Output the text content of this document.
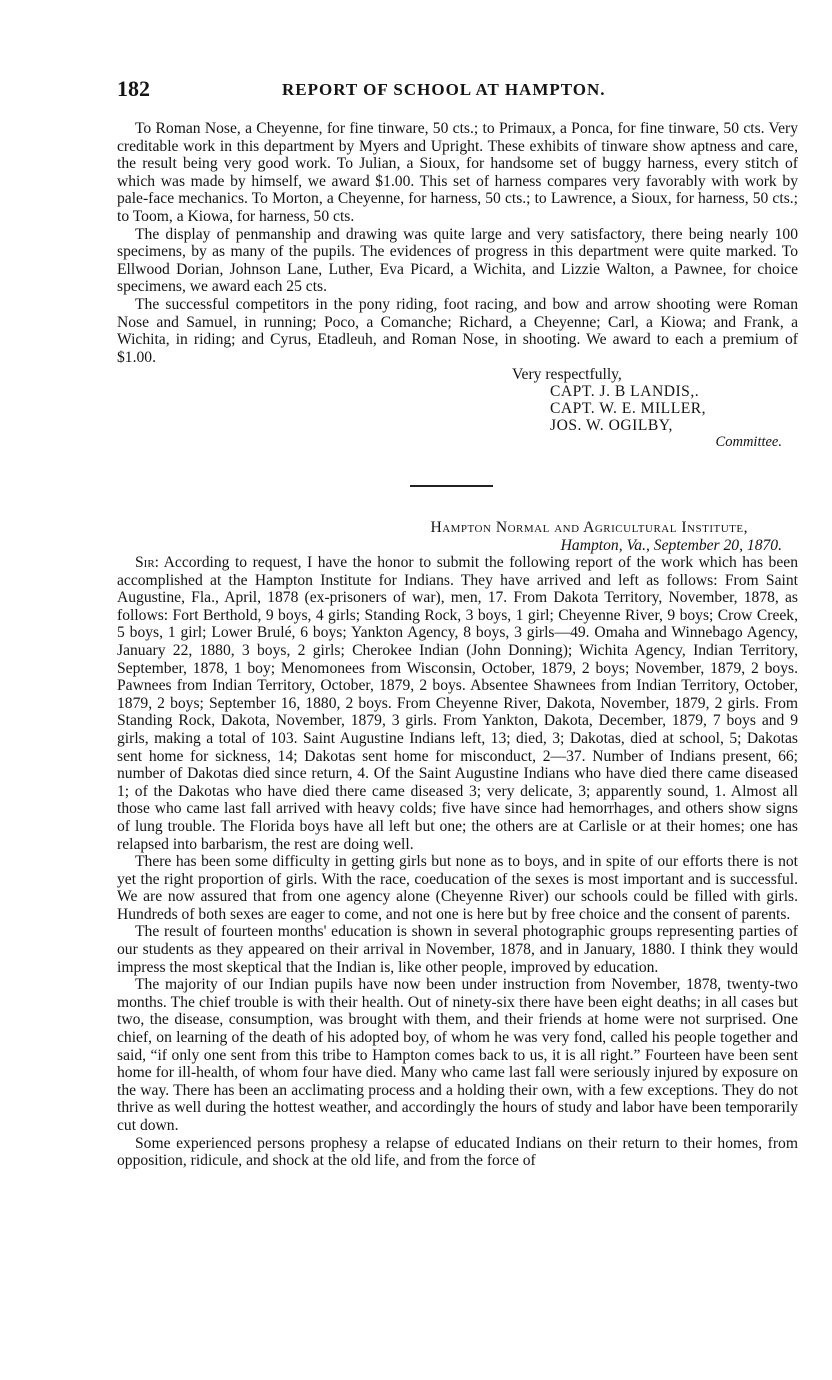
182	REPORT OF SCHOOL AT HAMPTON.

To Roman Nose, a Cheyenne, for fine tinware, 50 cts.; to Primaux, a Ponca, for fine tinware, 50 cts. Very creditable work in this department by Myers and Upright. These exhibits of tinware show aptness and care, the result being very good work. To Julian, a Sioux, for handsome set of buggy harness, every stitch of which was made by himself, we award $1.00. This set of harness compares very favorably with work by pale-face mechanics. To Morton, a Cheyenne, for harness, 50 cts.; to Lawrence, a Sioux, for harness, 50 cts.; to Toom, a Kiowa, for harness, 50 cts.

The display of penmanship and drawing was quite large and very satisfactory, there being nearly 100 specimens, by as many of the pupils. The evidences of progress in this department were quite marked. To Ellwood Dorian, Johnson Lane, Luther, Eva Picard, a Wichita, and Lizzie Walton, a Pawnee, for choice specimens, we award each 25 cts.

The successful competitors in the pony riding, foot racing, and bow and arrow shooting were Roman Nose and Samuel, in running; Poco, a Comanche; Richard, a Cheyenne; Carl, a Kiowa; and Frank, a Wichita, in riding; and Cyrus, Etadleuh, and Roman Nose, in shooting. We award to each a premium of $1.00.

Very respectfully,
CAPT. J. B LANDIS,.
CAPT. W. E. MILLER,
JOS. W. OGILBY,
Committee.
Hampton Normal and Agricultural Institute,
Hampton, Va., September 20, 1870.

Sir: According to request, I have the honor to submit the following report of the work which has been accomplished at the Hampton Institute for Indians. They have arrived and left as follows: From Saint Augustine, Fla., April, 1878 (ex-prisoners of war), men, 17. From Dakota Territory, November, 1878, as follows: Fort Berthold, 9 boys, 4 girls; Standing Rock, 3 boys, 1 girl; Cheyenne River, 9 boys; Crow Creek, 5 boys, 1 girl; Lower Brulé, 6 boys; Yankton Agency, 8 boys, 3 girls—49. Omaha and Winnebago Agency, January 22, 1880, 3 boys, 2 girls; Cherokee Indian (John Donning); Wichita Agency, Indian Territory, September, 1878, 1 boy; Menomonees from Wisconsin, October, 1879, 2 boys; November, 1879, 2 boys. Pawnees from Indian Territory, October, 1879, 2 boys. Absentee Shawnees from Indian Territory, October, 1879, 2 boys; September 16, 1880, 2 boys. From Cheyenne River, Dakota, November, 1879, 2 girls. From Standing Rock, Dakota, November, 1879, 3 girls. From Yankton, Dakota, December, 1879, 7 boys and 9 girls, making a total of 103. Saint Augustine Indians left, 13; died, 3; Dakotas, died at school, 5; Dakotas sent home for sickness, 14; Dakotas sent home for misconduct, 2—37. Number of Indians present, 66; number of Dakotas died since return, 4. Of the Saint Augustine Indians who have died there came diseased 1; of the Dakotas who have died there came diseased 3; very delicate, 3; apparently sound, 1. Almost all those who came last fall arrived with heavy colds; five have since had hemorrhages, and others show signs of lung trouble. The Florida boys have all left but one; the others are at Carlisle or at their homes; one has relapsed into barbarism, the rest are doing well.

There has been some difficulty in getting girls but none as to boys, and in spite of our efforts there is not yet the right proportion of girls. With the race, coeducation of the sexes is most important and is successful. We are now assured that from one agency alone (Cheyenne River) our schools could be filled with girls. Hundreds of both sexes are eager to come, and not one is here but by free choice and the consent of parents.

The result of fourteen months' education is shown in several photographic groups representing parties of our students as they appeared on their arrival in November, 1878, and in January, 1880. I think they would impress the most skeptical that the Indian is, like other people, improved by education.

The majority of our Indian pupils have now been under instruction from November, 1878, twenty-two months. The chief trouble is with their health. Out of ninety-six there have been eight deaths; in all cases but two, the disease, consumption, was brought with them, and their friends at home were not surprised. One chief, on learning of the death of his adopted boy, of whom he was very fond, called his people together and said, “if only one sent from this tribe to Hampton comes back to us, it is all right.” Fourteen have been sent home for ill-health, of whom four have died. Many who came last fall were seriously injured by exposure on the way. There has been an acclimating process and a holding their own, with a few exceptions. They do not thrive as well during the hottest weather, and accordingly the hours of study and labor have been temporarily cut down.

Some experienced persons prophesy a relapse of educated Indians on their return to their homes, from opposition, ridicule, and shock at the old life, and from the force of
